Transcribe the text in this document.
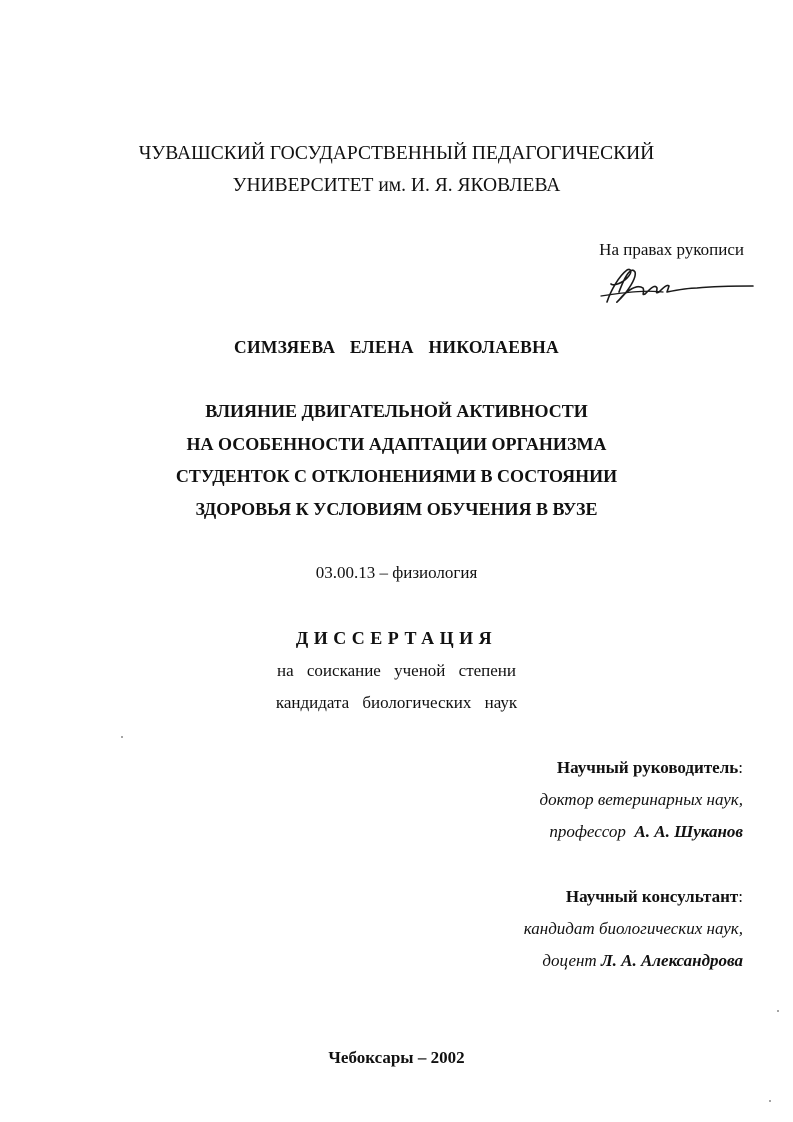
ЧУВАШСКИЙ ГОСУДАРСТВЕННЫЙ ПЕДАГОГИЧЕСКИЙ
УНИВЕРСИТЕТ им. И. Я. ЯКОВЛЕВА
На правах рукописи
СИМЗЯЕВА ЕЛЕНА НИКОЛАЕВНА
ВЛИЯНИЕ ДВИГАТЕЛЬНОЙ АКТИВНОСТИ
НА ОСОБЕННОСТИ АДАПТАЦИИ ОРГАНИЗМА
СТУДЕНТОК С ОТКЛОНЕНИЯМИ В СОСТОЯНИИ
ЗДОРОВЬЯ К УСЛОВИЯМ ОБУЧЕНИЯ В ВУЗЕ
03.00.13 – физиология
ДИССЕРТАЦИЯ
на соискание ученой степени
кандидата биологических наук
Научный руководитель:
доктор ветеринарных наук,
профессор А. А. Шуканов
Научный консультант:
кандидат биологических наук,
доцент Л. А. Александрова
Чебоксары – 2002
